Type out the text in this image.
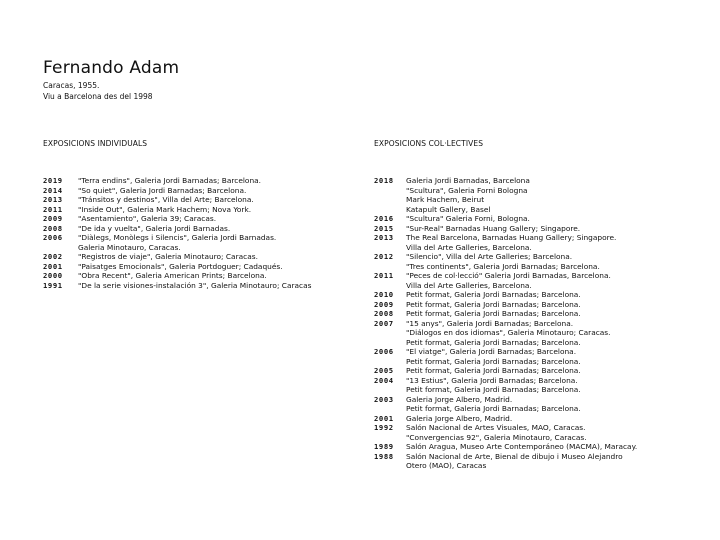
Fernando Adam
Caracas, 1955.
Viu a Barcelona des del 1998
EXPOSICIONS INDIVIDUALS	EXPOSICIONS COL·LECTIVES
2019	"Terra endins", Galeria Jordi Barnadas; Barcelona.
2014	"So quiet", Galeria Jordi Barnadas; Barcelona.
2013	"Tránsitos y destinos", Villa del Arte; Barcelona.
2011	"Inside Out", Galeria Mark Hachem; Nova York.
2009	"Asentamiento", Galeria 39; Caracas.
2008	"De ida y vuelta", Galeria Jordi Barnadas.
2006	"Diàlegs, Monòlegs i Silencis", Galeria Jordi Barnadas.
Galeria Minotauro, Caracas.
2002	"Registros de viaje", Galeria Minotauro; Caracas.
2001	"Paisatges Emocionals", Galeria Portdoguer; Cadaqués.
2000	"Obra Recent", Galeria American Prints; Barcelona.
1991	"De la serie visiones-instalación 3", Galeria Minotauro; Caracas
2018	Galeria Jordi Barnadas, Barcelona
"Scultura", Galeria Forni Bologna
Mark Hachem, Beirut
Katapult Gallery, Basel
2016	"Scultura" Galeria Forni, Bologna.
2015	"Sur-Real" Barnadas Huang Gallery; Singapore.
2013	The Real Barcelona, Barnadas Huang Gallery; Singapore.
Villa del Arte Galleries, Barcelona.
2012	"Silencio", Villa del Arte Galleries; Barcelona.
"Tres continents", Galeria Jordi Barnadas; Barcelona.
2011	"Peces de col·lecció" Galeria Jordi Barnadas, Barcelona.
Villa del Arte Galleries, Barcelona.
2010	Petit format, Galeria Jordi Barnadas; Barcelona.
2009	Petit format, Galeria Jordi Barnadas; Barcelona.
2008	Petit format, Galeria Jordi Barnadas; Barcelona.
2007	"15 anys", Galeria Jordi Barnadas; Barcelona.
"Diálogos en dos idiomas", Galeria Minotauro; Caracas.
Petit format, Galeria Jordi Barnadas; Barcelona.
2006	"El viatge", Galeria Jordi Barnadas; Barcelona.
Petit format, Galeria Jordi Barnadas; Barcelona.
2005	Petit format, Galeria Jordi Barnadas; Barcelona.
2004	"13 Estius", Galeria Jordi Barnadas; Barcelona.
Petit format, Galeria Jordi Barnadas; Barcelona.
2003	Galeria Jorge Albero, Madrid.
Petit format, Galeria Jordi Barnadas; Barcelona.
2001	Galeria Jorge Albero, Madrid.
1992	Salón Nacional de Artes Visuales, MAO, Caracas.
"Convergencias 92", Galeria Minotauro, Caracas.
1989	Salón Aragua, Museo Arte Contemporáneo (MACMA), Maracay.
1988	Salón Nacional de Arte, Bienal de dibujo i Museo Alejandro
Otero (MAO), Caracas
